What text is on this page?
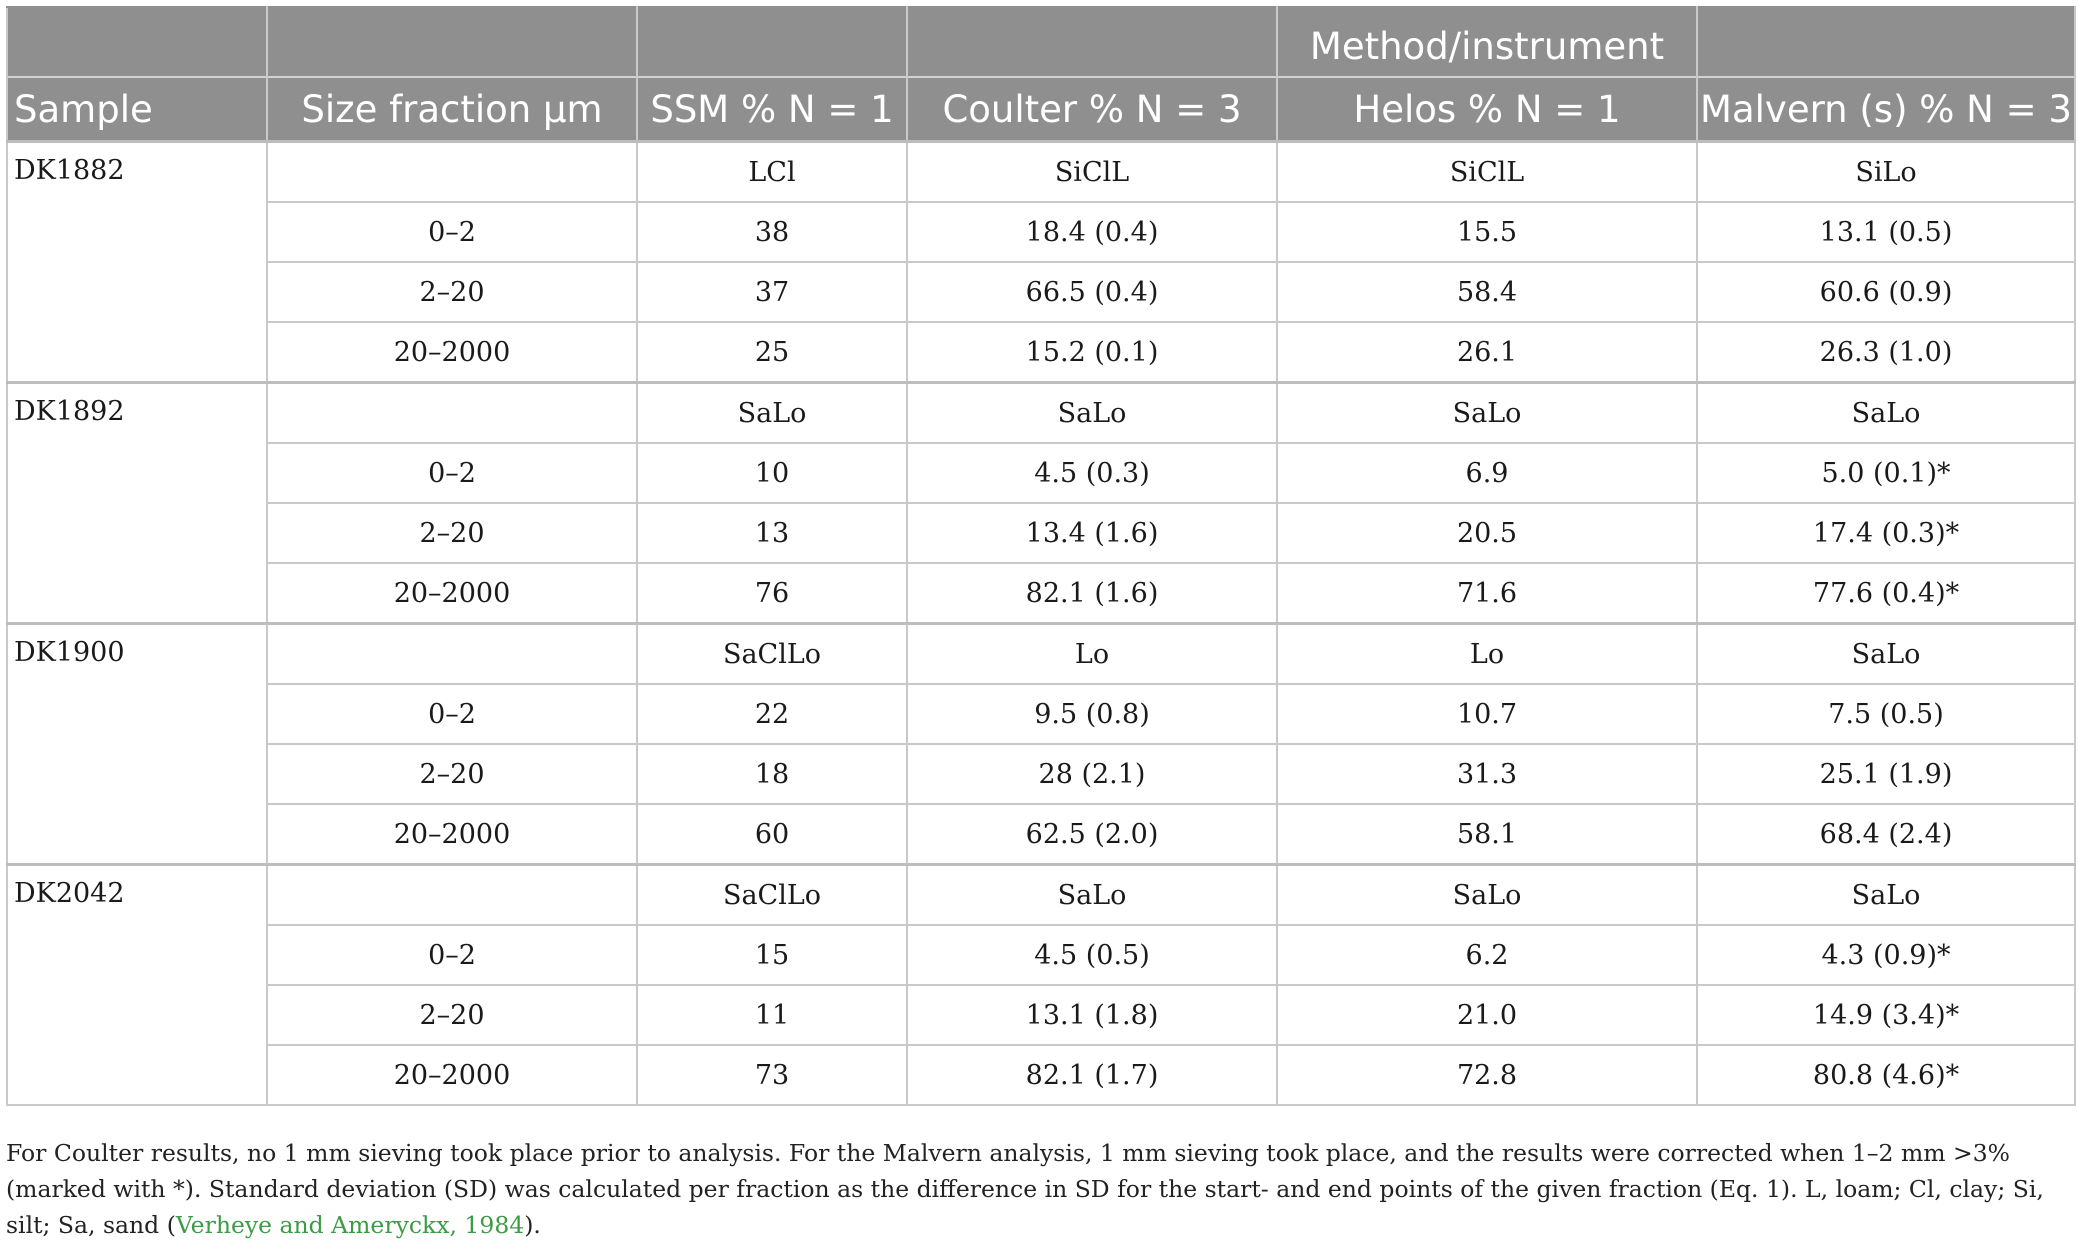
				Method/instrument	
Sample	Size fraction μm	SSM % N = 1	Coulter % N = 3	Helos % N = 1	Malvern (s) % N = 3
DK1882		LCl	SiClL	SiClL	SiLo
	0–2	38	18.4 (0.4)	15.5	13.1 (0.5)
	2–20	37	66.5 (0.4)	58.4	60.6 (0.9)
	20–2000	25	15.2 (0.1)	26.1	26.3 (1.0)
DK1892		SaLo	SaLo	SaLo	SaLo
	0–2	10	4.5 (0.3)	6.9	5.0 (0.1)*
	2–20	13	13.4 (1.6)	20.5	17.4 (0.3)*
	20–2000	76	82.1 (1.6)	71.6	77.6 (0.4)*
DK1900		SaClLo	Lo	Lo	SaLo
	0–2	22	9.5 (0.8)	10.7	7.5 (0.5)
	2–20	18	28 (2.1)	31.3	25.1 (1.9)
	20–2000	60	62.5 (2.0)	58.1	68.4 (2.4)
DK2042		SaClLo	SaLo	SaLo	SaLo
	0–2	15	4.5 (0.5)	6.2	4.3 (0.9)*
	2–20	11	13.1 (1.8)	21.0	14.9 (3.4)*
	20–2000	73	82.1 (1.7)	72.8	80.8 (4.6)*

For Coulter results, no 1 mm sieving took place prior to analysis. For the Malvern analysis, 1 mm sieving took place, and the results were corrected when 1–2 mm >3% (marked with *). Standard deviation (SD) was calculated per fraction as the difference in SD for the start- and end points of the given fraction (Eq. 1). L, loam; Cl, clay; Si, silt; Sa, sand (Verheye and Ameryckx, 1984).
